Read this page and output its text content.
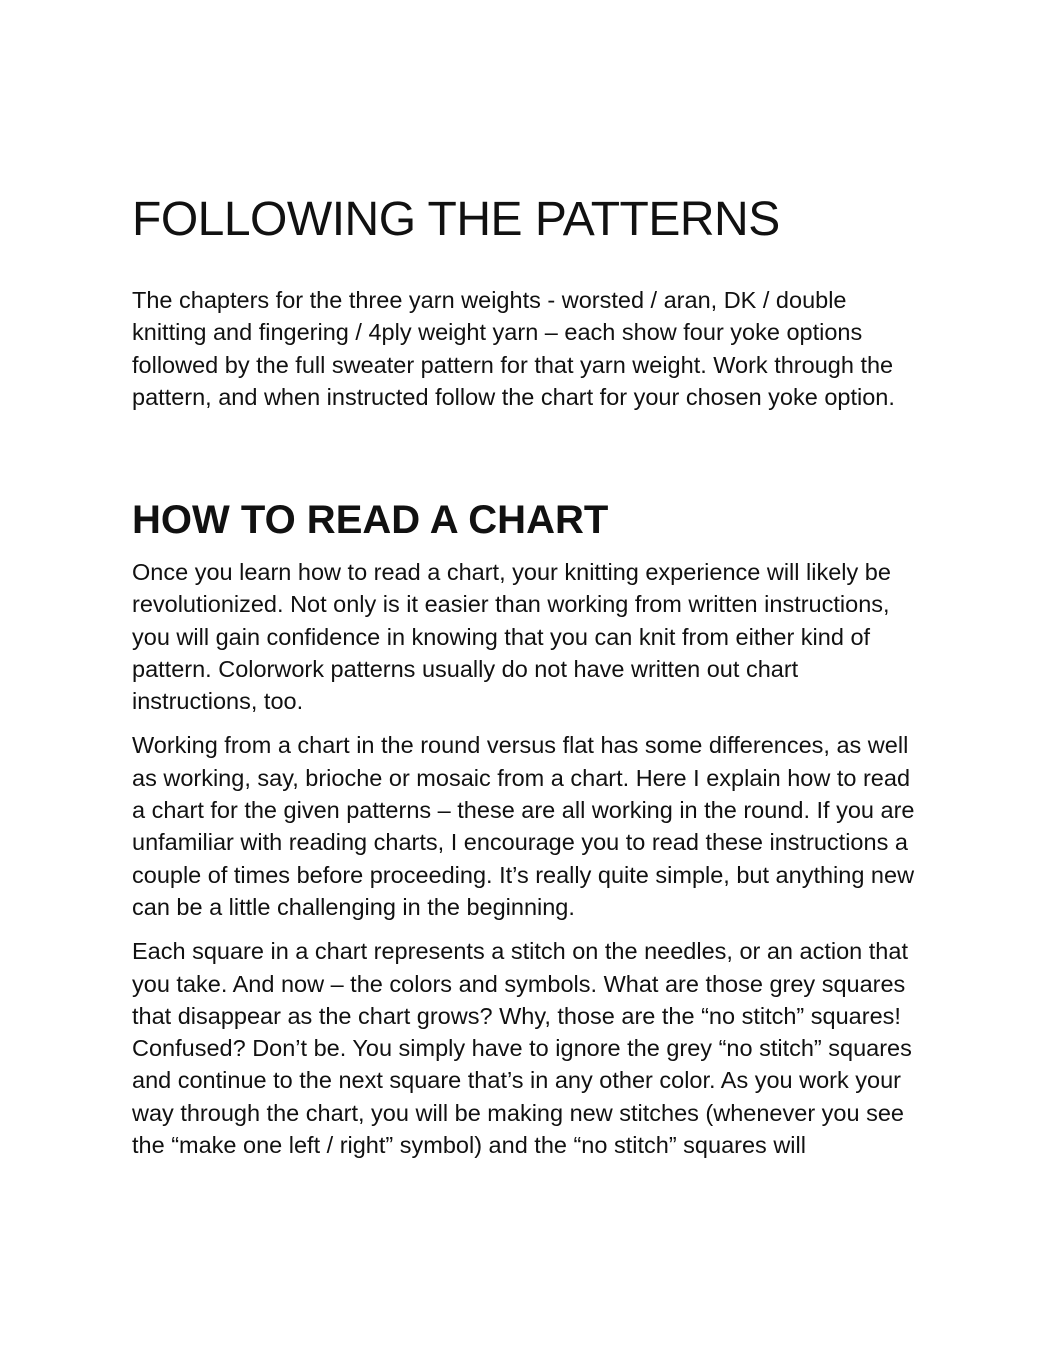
FOLLOWING THE PATTERNS

The chapters for the three yarn weights - worsted / aran, DK / double knitting and fingering / 4ply weight yarn – each show four yoke options followed by the full sweater pattern for that yarn weight. Work through the pattern, and when instructed follow the chart for your chosen yoke option.

HOW TO READ A CHART

Once you learn how to read a chart, your knitting experience will likely be revolutionized. Not only is it easier than working from written instructions, you will gain confidence in knowing that you can knit from either kind of pattern. Colorwork patterns usually do not have written out chart instructions, too.

Working from a chart in the round versus flat has some differences, as well as working, say, brioche or mosaic from a chart. Here I explain how to read a chart for the given patterns – these are all working in the round. If you are unfamiliar with reading charts, I encourage you to read these instructions a couple of times before proceeding. It’s really quite simple, but anything new can be a little challenging in the beginning.

Each square in a chart represents a stitch on the needles, or an action that you take. And now – the colors and symbols. What are those grey squares that disappear as the chart grows? Why, those are the “no stitch” squares! Confused? Don’t be. You simply have to ignore the grey “no stitch” squares and continue to the next square that’s in any other color. As you work your way through the chart, you will be making new stitches (whenever you see the “make one left / right” symbol) and the “no stitch” squares will
